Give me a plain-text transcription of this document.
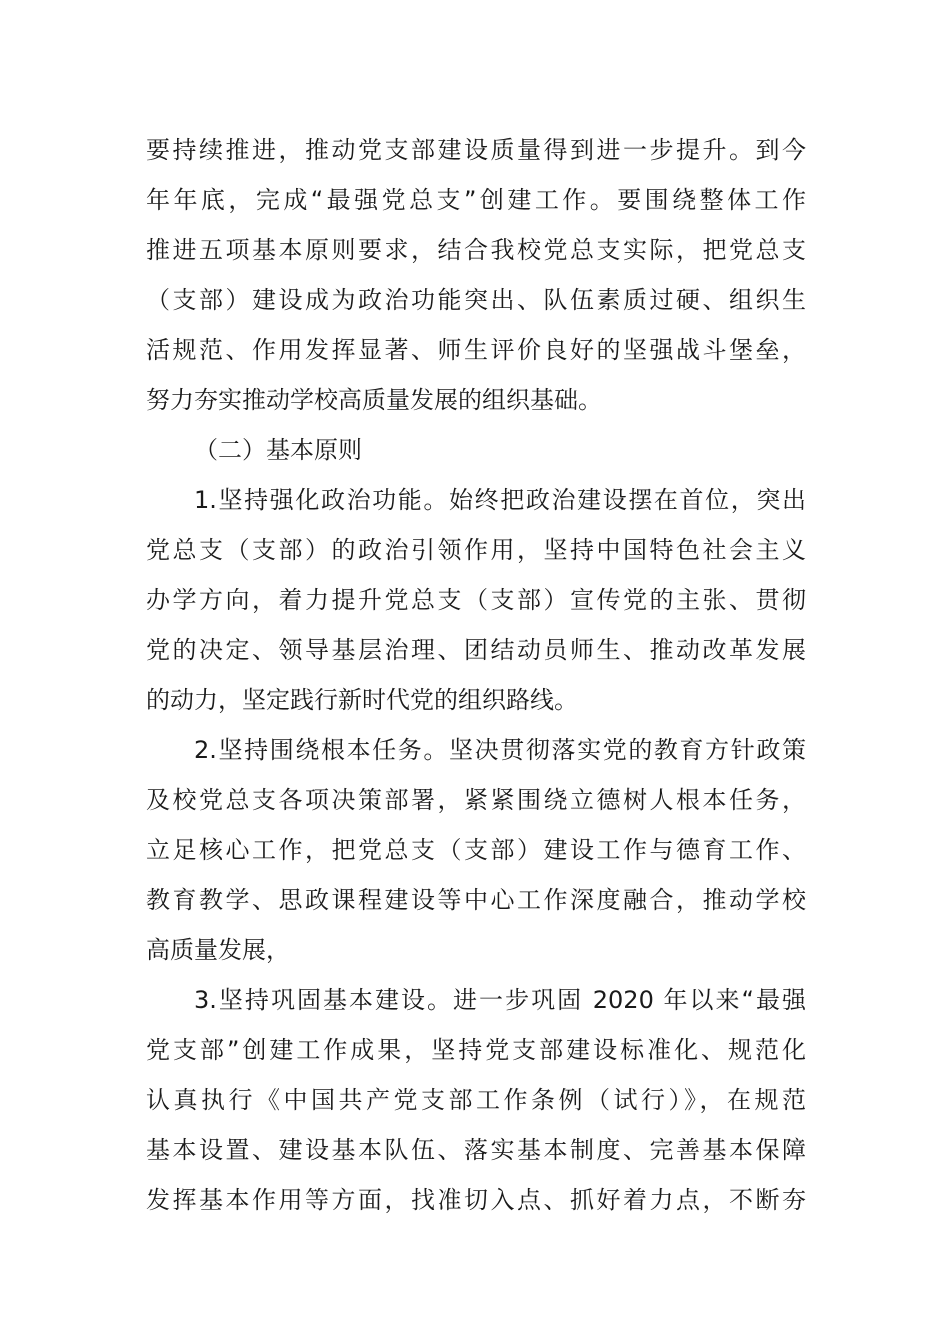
要持续推进，推动党支部建设质量得到进一步提升。到今
年年底，完成“最强党总支”创建工作。要围绕整体工作
推进五项基本原则要求，结合我校党总支实际，把党总支
（支部）建设成为政治功能突出、队伍素质过硬、组织生
活规范、作用发挥显著、师生评价良好的坚强战斗堡垒，
努力夯实推动学校高质量发展的组织基础。
（二）基本原则
1.坚持强化政治功能。始终把政治建设摆在首位，突出
党总支（支部）的政治引领作用，坚持中国特色社会主义
办学方向，着力提升党总支（支部）宣传党的主张、贯彻
党的决定、领导基层治理、团结动员师生、推动改革发展
的动力，坚定践行新时代党的组织路线。
2.坚持围绕根本任务。坚决贯彻落实党的教育方针政策
及校党总支各项决策部署，紧紧围绕立德树人根本任务，
立足核心工作，把党总支（支部）建设工作与德育工作、
教育教学、思政课程建设等中心工作深度融合，推动学校
高质量发展，
3.坚持巩固基本建设。进一步巩固 2020 年以来“最强
党支部”创建工作成果，坚持党支部建设标准化、规范化
认真执行《中国共产党支部工作条例（试行）》，在规范
基本设置、建设基本队伍、落实基本制度、完善基本保障
发挥基本作用等方面，找准切入点、抓好着力点，不断夯
